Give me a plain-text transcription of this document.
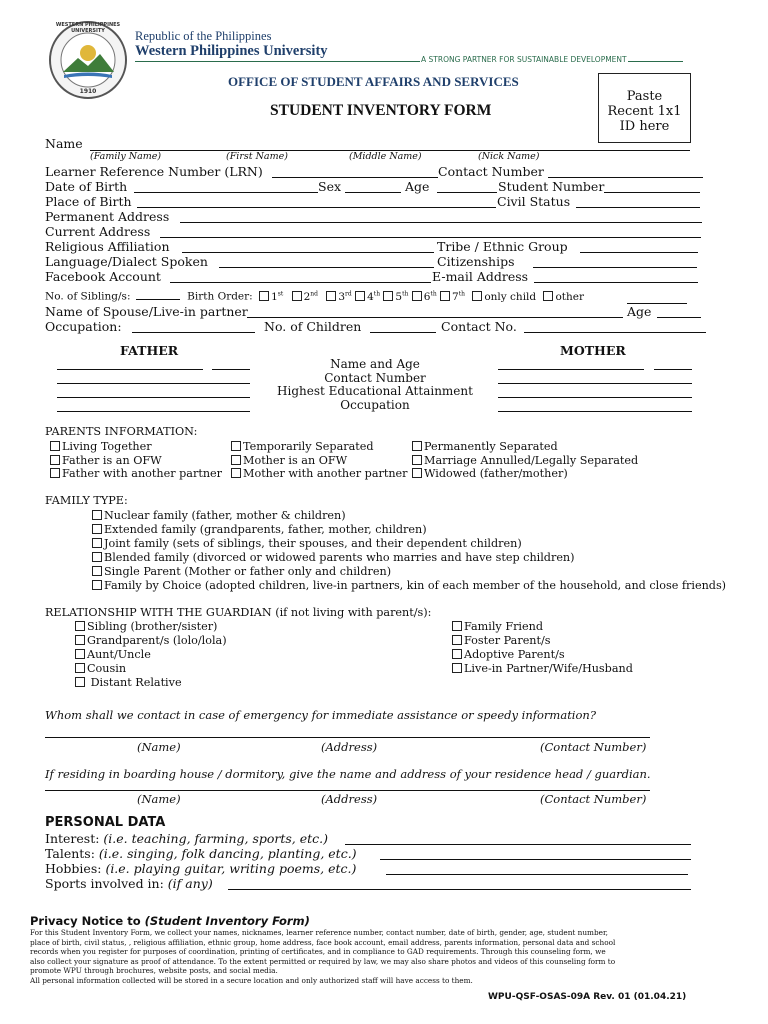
WESTERN PHILIPPINES UNIVERSITY
1910
Republic of the Philippines
Western Philippines University
A STRONG PARTNER FOR SUSTAINABLE DEVELOPMENT
OFFICE OF STUDENT AFFAIRS AND SERVICES
STUDENT INVENTORY FORM
Paste
Recent 1x1
ID here
Name
(Family Name)	(First Name)	(Middle Name)	(Nick Name)
Learner Reference Number (LRN)	Contact Number
Date of Birth	Sex	Age	Student Number
Place of Birth	Civil Status
Permanent Address
Current Address
Religious Affiliation	Tribe / Ethnic Group
Language/Dialect Spoken	Citizenships
Facebook Account	E-mail Address
No. of Sibling/s:	Birth Order: 1st 2nd 3rd 4th 5th 6th 7th only child other
Name of Spouse/Live-in partner	Age
Occupation:	No. of Children	Contact No.
FATHER	MOTHER
Name and Age
Contact Number
Highest Educational Attainment
Occupation
PARENTS INFORMATION:
Living Together
Father is an OFW
Father with another partner
Temporarily Separated
Mother is an OFW
Mother with another partner
Permanently Separated
Marriage Annulled/Legally Separated
Widowed (father/mother)
FAMILY TYPE:
Nuclear family (father, mother & children)
Extended family (grandparents, father, mother, children)
Joint family (sets of siblings, their spouses, and their dependent children)
Blended family (divorced or widowed parents who marries and have step children)
Single Parent (Mother or father only and children)
Family by Choice (adopted children, live-in partners, kin of each member of the household, and close friends)
RELATIONSHIP WITH THE GUARDIAN (if not living with parent/s):
Sibling (brother/sister)
Grandparent/s (lolo/lola)
Aunt/Uncle
Cousin
Distant Relative
Family Friend
Foster Parent/s
Adoptive Parent/s
Live-in Partner/Wife/Husband
Whom shall we contact in case of emergency for immediate assistance or speedy information?
(Name)	(Address)	(Contact Number)
If residing in boarding house / dormitory, give the name and address of your residence head / guardian.
(Name)	(Address)	(Contact Number)
PERSONAL DATA
Interest: (i.e. teaching, farming, sports, etc.)
Talents: (i.e. singing, folk dancing, planting, etc.)
Hobbies: (i.e. playing guitar, writing poems, etc.)
Sports involved in: (if any)
Privacy Notice to (Student Inventory Form)
For this Student Inventory Form, we collect your names, nicknames, learner reference number, contact number, date of birth, gender, age, student number,
place of birth, civil status, , religious affiliation, ethnic group, home address, face book account, email address, parents information, personal data and school
records when you register for purposes of coordination, printing of certificates, and in compliance to GAD requirements. Through this counseling form, we
also collect your signature as proof of attendance. To the extent permitted or required by law, we may also share photos and videos of this counseling form to
promote WPU through brochures, website posts, and social media.
All personal information collected will be stored in a secure location and only authorized staff will have access to them.
WPU-QSF-OSAS-09A Rev. 01 (01.04.21)
